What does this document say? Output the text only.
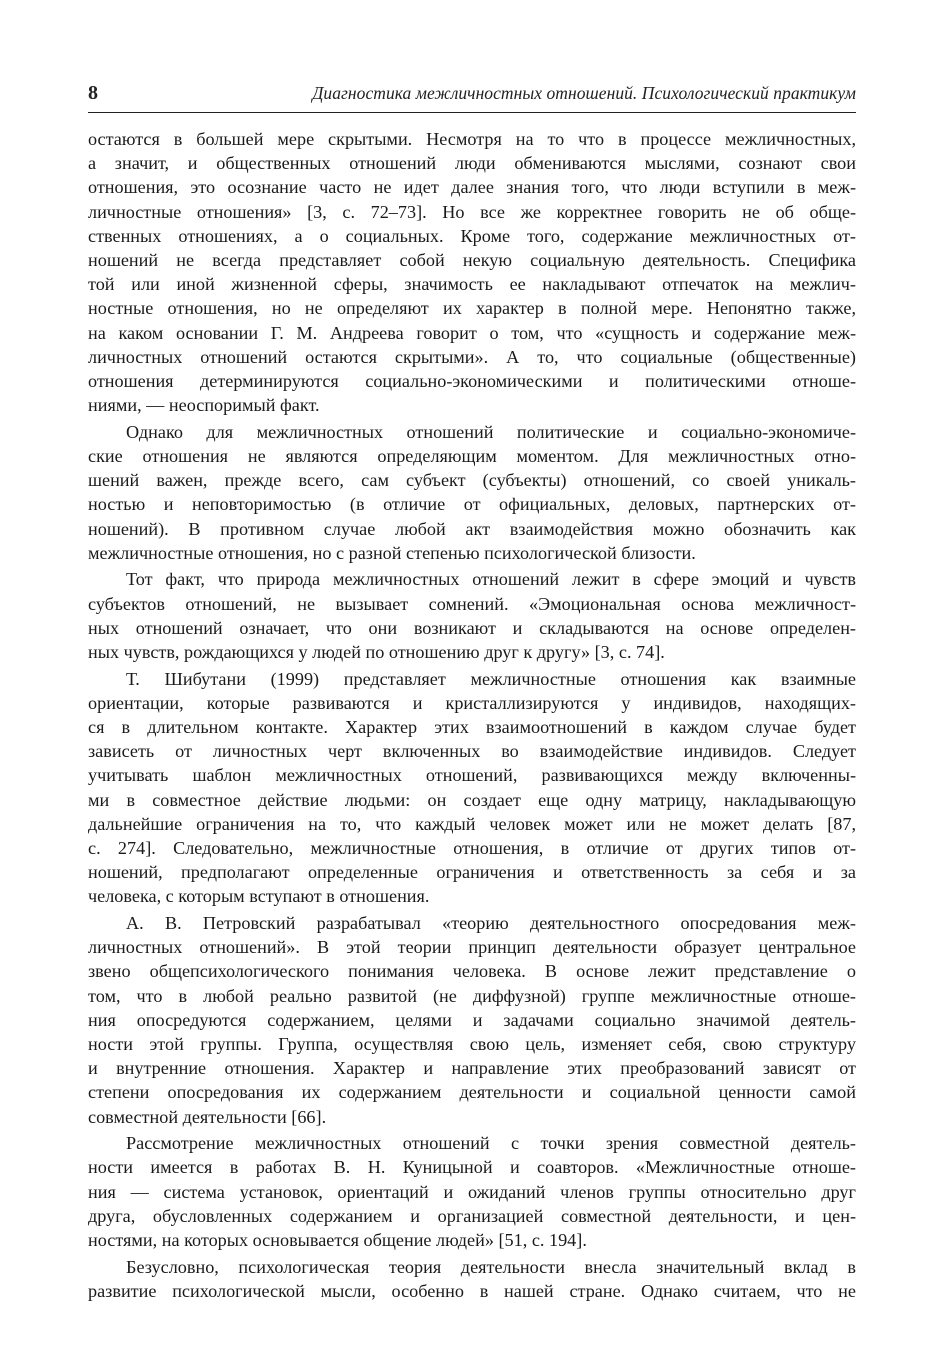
8	Диагностика межличностных отношений. Психологический практикум
остаются в большей мере скрытыми. Несмотря на то что в процессе межличностных,
а значит, и общественных отношений люди обмениваются мыслями, сознают свои
отношения, это осознание часто не идет далее знания того, что люди вступили в меж-
личностные отношения» [3, с. 72–73]. Но все же корректнее говорить не об обще-
ственных отношениях, а о социальных. Кроме того, содержание межличностных от-
ношений не всегда представляет собой некую социальную деятельность. Специфика
той или иной жизненной сферы, значимость ее накладывают отпечаток на межлич-
ностные отношения, но не определяют их характер в полной мере. Непонятно также,
на каком основании Г. М. Андреева говорит о том, что «сущность и содержание меж-
личностных отношений остаются скрытыми». А то, что социальные (общественные)
отношения детерминируются социально-экономическими и политическими отноше-
ниями, — неоспоримый факт.
Однако для межличностных отношений политические и социально-экономиче-
ские отношения не являются определяющим моментом. Для межличностных отно-
шений важен, прежде всего, сам субъект (субъекты) отношений, со своей уникаль-
ностью и неповторимостью (в отличие от официальных, деловых, партнерских от-
ношений). В противном случае любой акт взаимодействия можно обозначить как
межличностные отношения, но с разной степенью психологической близости.
Тот факт, что природа межличностных отношений лежит в сфере эмоций и чувств
субъектов отношений, не вызывает сомнений. «Эмоциональная основа межличност-
ных отношений означает, что они возникают и складываются на основе определен-
ных чувств, рождающихся у людей по отношению друг к другу» [3, с. 74].
Т. Шибутани (1999) представляет межличностные отношения как взаимные
ориентации, которые развиваются и кристаллизируются у индивидов, находящих-
ся в длительном контакте. Характер этих взаимоотношений в каждом случае будет
зависеть от личностных черт включенных во взаимодействие индивидов. Следует
учитывать шаблон межличностных отношений, развивающихся между включенны-
ми в совместное действие людьми: он создает еще одну матрицу, накладывающую
дальнейшие ограничения на то, что каждый человек может или не может делать [87,
с. 274]. Следовательно, межличностные отношения, в отличие от других типов от-
ношений, предполагают определенные ограничения и ответственность за себя и за
человека, с которым вступают в отношения.
А. В. Петровский разрабатывал «теорию деятельностного опосредования меж-
личностных отношений». В этой теории принцип деятельности образует центральное
звено общепсихологического понимания человека. В основе лежит представление о
том, что в любой реально развитой (не диффузной) группе межличностные отноше-
ния опосредуются содержанием, целями и задачами социально значимой деятель-
ности этой группы. Группа, осуществляя свою цель, изменяет себя, свою структуру
и внутренние отношения. Характер и направление этих преобразований зависят от
степени опосредования их содержанием деятельности и социальной ценности самой
совместной деятельности [66].
Рассмотрение межличностных отношений с точки зрения совместной деятель-
ности имеется в работах В. Н. Куницыной и соавторов. «Межличностные отноше-
ния — система установок, ориентаций и ожиданий членов группы относительно друг
друга, обусловленных содержанием и организацией совместной деятельности, и цен-
ностями, на которых основывается общение людей» [51, с. 194].
Безусловно, психологическая теория деятельности внесла значительный вклад в
развитие психологической мысли, особенно в нашей стране. Однако считаем, что не
